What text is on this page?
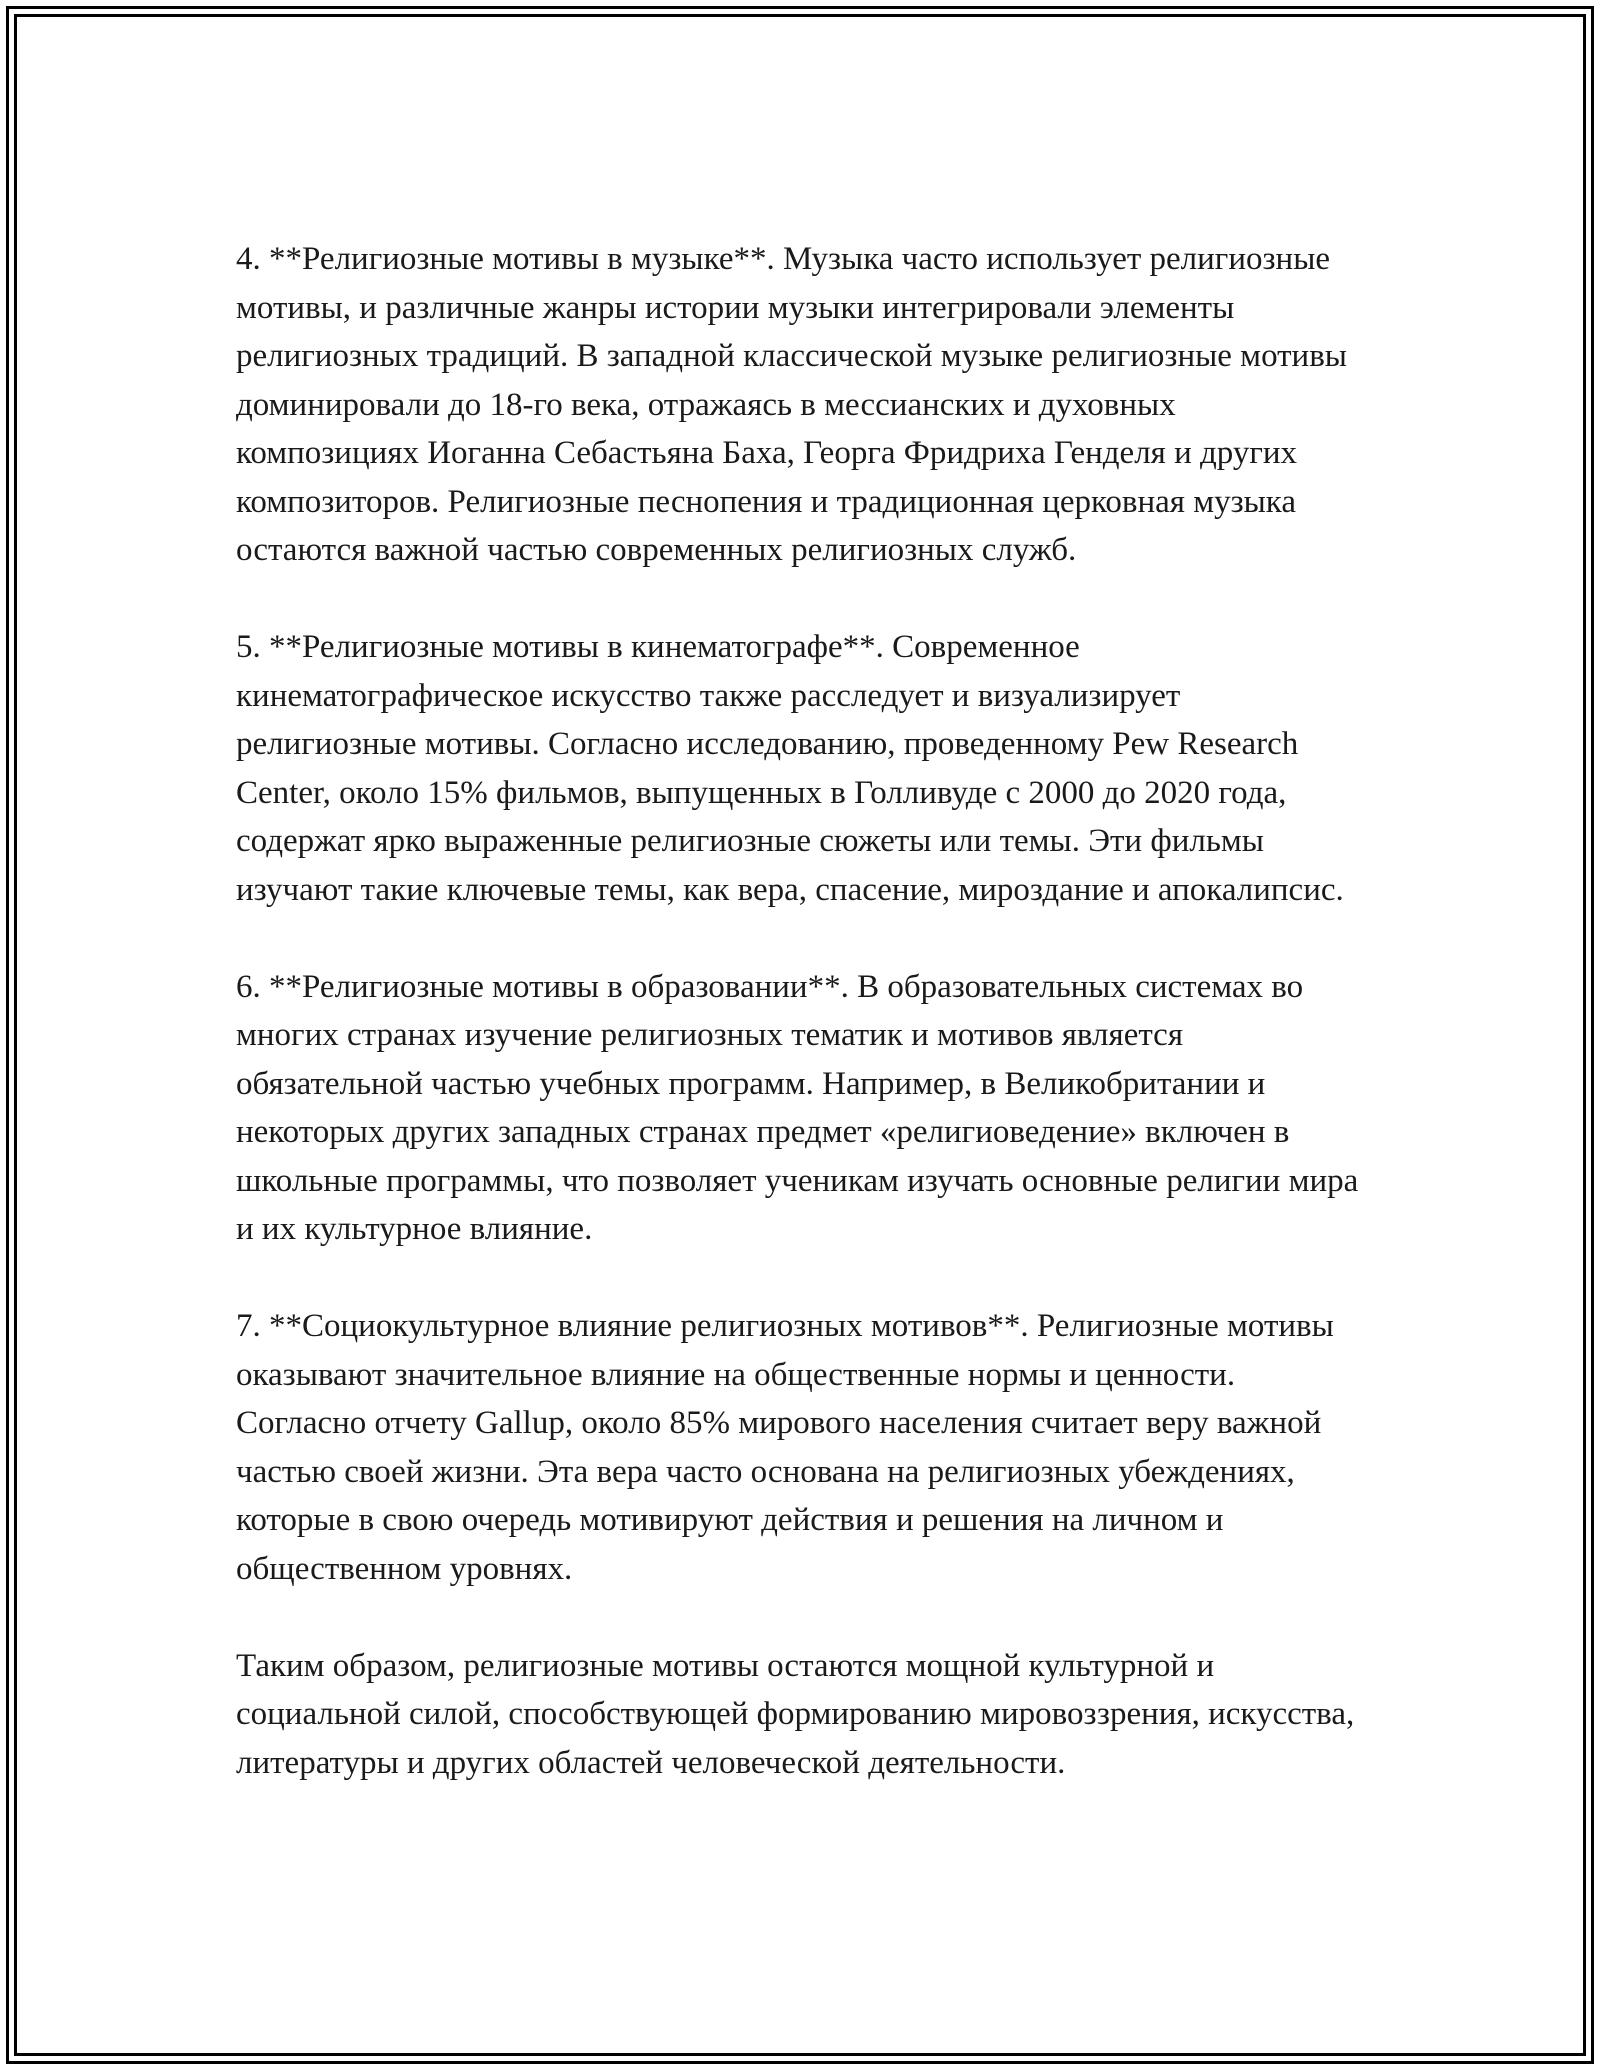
4. **Религиозные мотивы в музыке**. Музыка часто использует религиозные мотивы, и различные жанры истории музыки интегрировали элементы религиозных традиций. В западной классической музыке религиозные мотивы доминировали до 18-го века, отражаясь в мессианских и духовных композициях Иоганна Себастьяна Баха, Георга Фридриха Генделя и других композиторов. Религиозные песнопения и традиционная церковная музыка остаются важной частью современных религиозных служб.

5. **Религиозные мотивы в кинематографе**. Современное кинематографическое искусство также расследует и визуализирует религиозные мотивы. Согласно исследованию, проведенному Pew Research Center, около 15% фильмов, выпущенных в Голливуде с 2000 до 2020 года, содержат ярко выраженные религиозные сюжеты или темы. Эти фильмы изучают такие ключевые темы, как вера, спасение, мироздание и апокалипсис.

6. **Религиозные мотивы в образовании**. В образовательных системах во многих странах изучение религиозных тематик и мотивов является обязательной частью учебных программ. Например, в Великобритании и некоторых других западных странах предмет «религиоведение» включен в школьные программы, что позволяет ученикам изучать основные религии мира и их культурное влияние.

7. **Социокультурное влияние религиозных мотивов**. Религиозные мотивы оказывают значительное влияние на общественные нормы и ценности. Согласно отчету Gallup, около 85% мирового населения считает веру важной частью своей жизни. Эта вера часто основана на религиозных убеждениях, которые в свою очередь мотивируют действия и решения на личном и общественном уровнях.

Таким образом, религиозные мотивы остаются мощной культурной и социальной силой, способствующей формированию мировоззрения, искусства, литературы и других областей человеческой деятельности.
